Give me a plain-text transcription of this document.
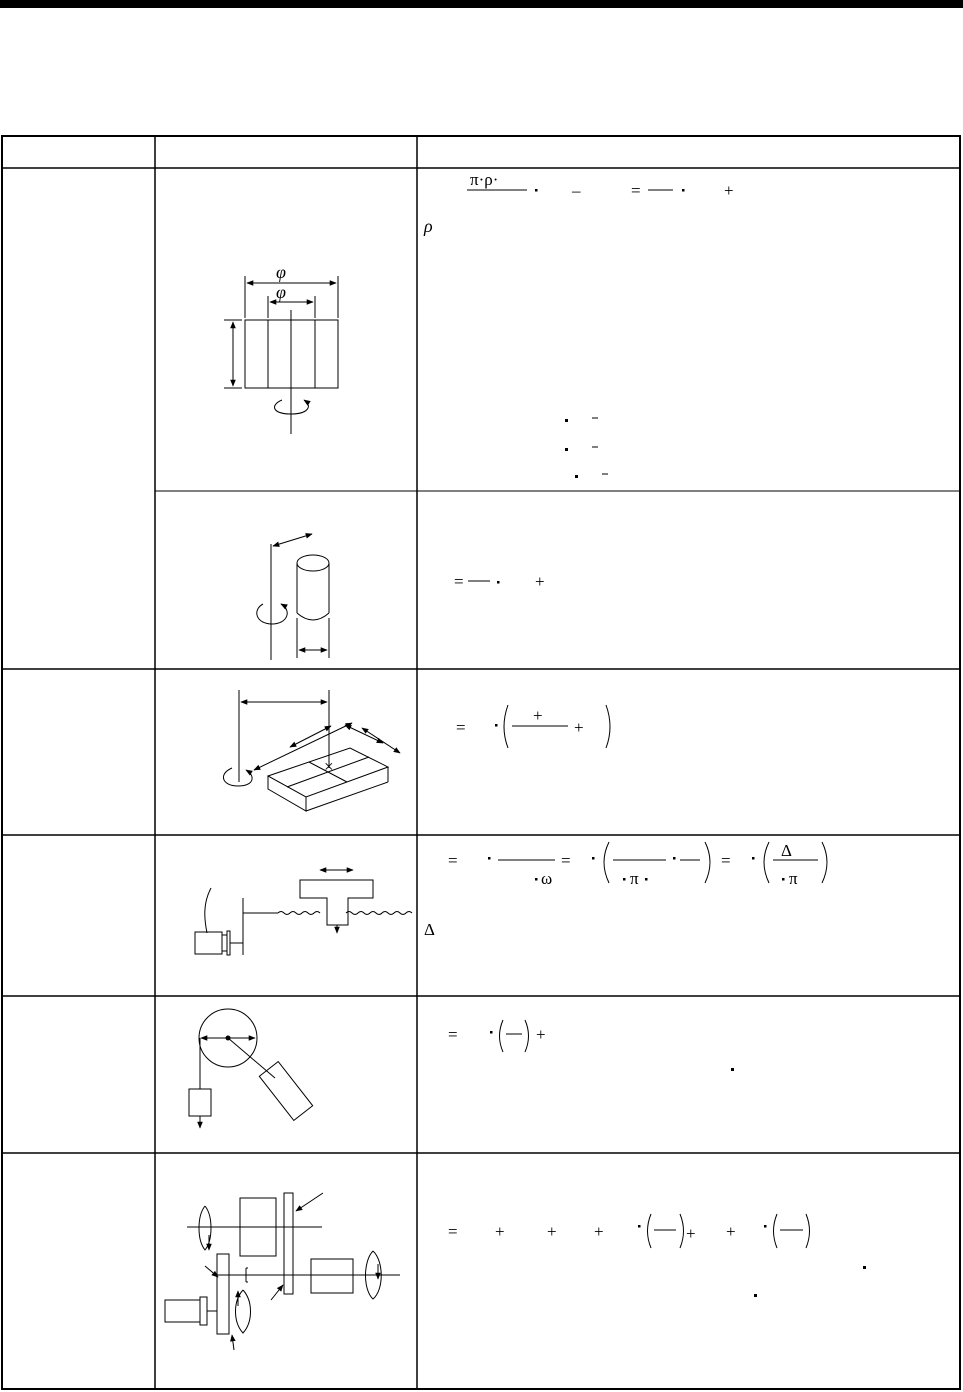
φ
φ
π·ρ·
–	=	+
ρ
=	+
×
=
+
+
=
ω
=
π
=
Δ
π
Δ
=	+
= + + +	+ +
